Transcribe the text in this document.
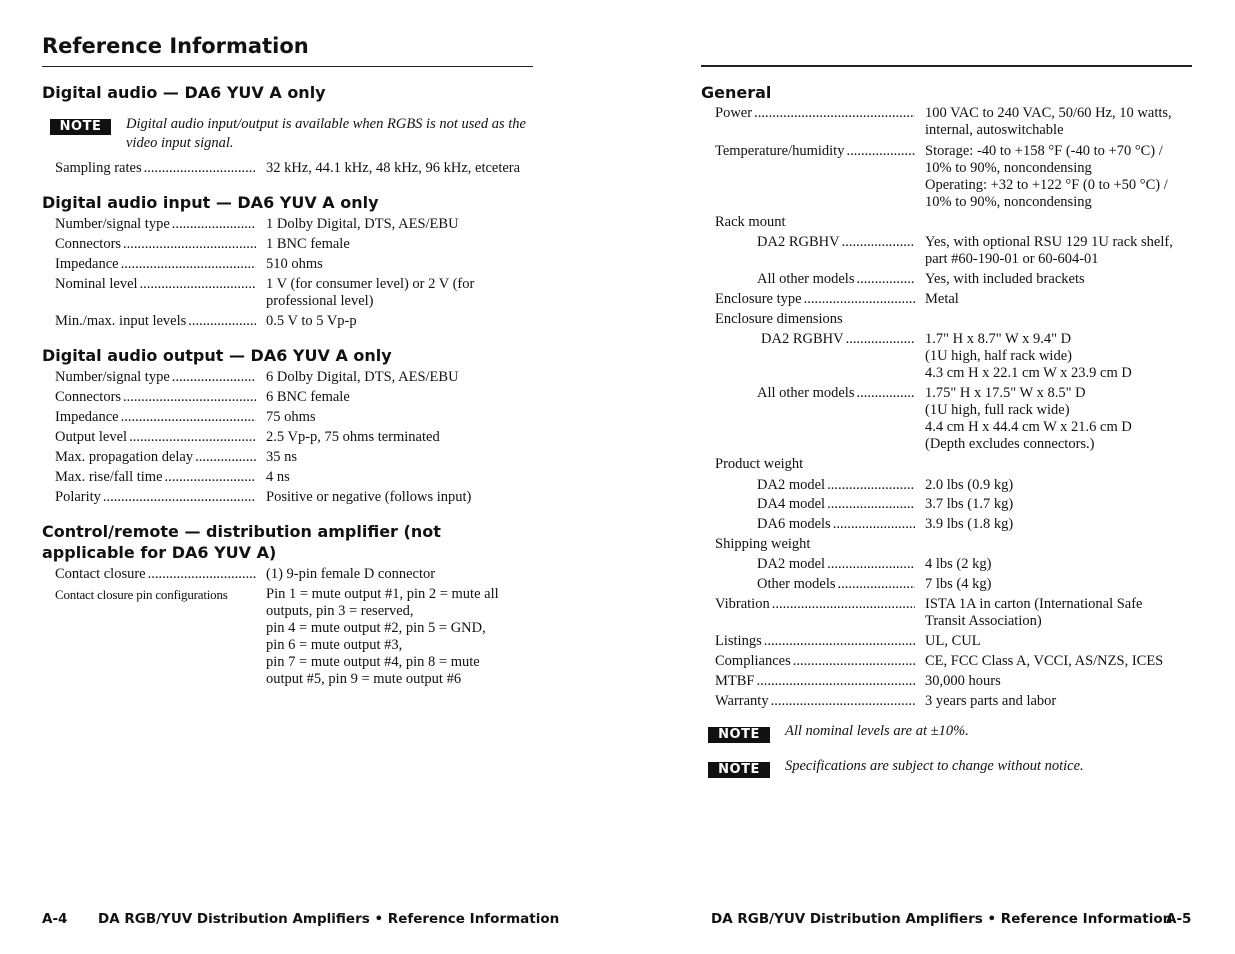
Reference Information
Digital audio — DA6 YUV A only
NOTE	Digital audio input/output is available when RGBS is not used as the video input signal.
Sampling rates .....	32 kHz, 44.1 kHz, 48 kHz, 96 kHz, etcetera
Digital audio input — DA6 YUV A only
Number/signal type .....	1 Dolby Digital, DTS, AES/EBU
Connectors .....	1 BNC female
Impedance .....	510 ohms
Nominal level .....	1 V (for consumer level) or 2 V (for professional level)
Min./max. input levels .....	0.5 V to 5 Vp-p
Digital audio output — DA6 YUV A only
Number/signal type .....	6 Dolby Digital, DTS, AES/EBU
Connectors .....	6 BNC female
Impedance .....	75 ohms
Output level .....	2.5 Vp-p, 75 ohms terminated
Max. propagation delay .....	35 ns
Max. rise/fall time .....	4 ns
Polarity .....	Positive or negative (follows input)
Control/remote — distribution amplifier (not
applicable for DA6 YUV A)
Contact closure .....	(1) 9-pin female D connector
Contact closure pin configurations	Pin 1 = mute output #1, pin 2 = mute all
outputs, pin 3 = reserved,
pin 4 = mute output #2, pin 5 = GND,
pin 6 = mute output #3,
pin 7 = mute output #4, pin 8 = mute
output #5, pin 9 = mute output #6
A-4 DA RGB/YUV Distribution Amplifiers • Reference Information
General
Power .....	100 VAC to 240 VAC, 50/60 Hz, 10 watts,
internal, autoswitchable
Temperature/humidity .....	Storage: -40 to +158 °F (-40 to +70 °C) /
10% to 90%, noncondensing
Operating: +32 to +122 °F (0 to +50 °C) /
10% to 90%, noncondensing
Rack mount
DA2 RGBHV .....	Yes, with optional RSU 129 1U rack shelf,
part #60-190-01 or 60-604-01
All other models .....	Yes, with included brackets
Enclosure type .....	Metal
Enclosure dimensions
DA2 RGBHV .....	1.7" H x 8.7" W x 9.4" D
(1U high, half rack wide)
4.3 cm H x 22.1 cm W x 23.9 cm D
All other models .....	1.75" H x 17.5" W x 8.5" D
(1U high, full rack wide)
4.4 cm H x 44.4 cm W x 21.6 cm D
(Depth excludes connectors.)
Product weight
DA2 model .....	2.0 lbs (0.9 kg)
DA4 model .....	3.7 lbs (1.7 kg)
DA6 models .....	3.9 lbs (1.8 kg)
Shipping weight
DA2 model .....	4 lbs (2 kg)
Other models .....	7 lbs (4 kg)
Vibration .....	ISTA 1A in carton (International Safe
Transit Association)
Listings .....	UL, CUL
Compliances .....	CE, FCC Class A, VCCI, AS/NZS, ICES
MTBF .....	30,000 hours
Warranty .....	3 years parts and labor
NOTE	All nominal levels are at ±10%.
NOTE	Specifications are subject to change without notice.
DA RGB/YUV Distribution Amplifiers • Reference Information
A-5
